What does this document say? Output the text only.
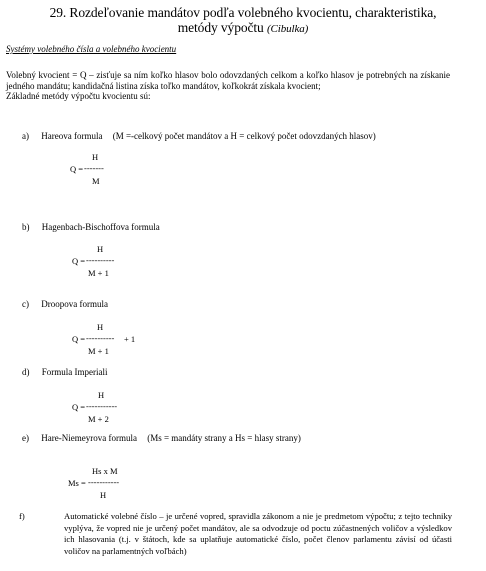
29. Rozdeľovanie mandátov podľa volebného kvocientu, charakteristika,
metódy výpočtu (Cibulka)
Systémy volebného čísla a volebného kvocientu

Volebný kvocient = Q – zisťuje sa ním koľko hlasov bolo odovzdaných celkom a koľko hlasov je potrebných na získanie jedného mandátu; kandidačná listina získa toľko mandátov, koľkokrát získala kvocient;

Základné metódy výpočtu kvocientu sú:

a) Hareova formula (M =-celkový počet mandátov a H = celkový počet odovzdaných hlasov)
H
Q = -------
M
b) Hagenbach-Bischoffova formula
H
Q = ----------
M + 1
c) Droopova formula
H
Q = ---------- + 1
M + 1
d) Formula Imperiali
H
Q = -----------
M + 2
e) Hare-Niemeyrova formula (Ms = mandáty strany a Hs = hlasy strany)
Hs x M
Ms = -----------
H
f)	Automatické volebné číslo – je určené vopred, spravidla zákonom a nie je predmetom výpočtu; z tejto techniky vyplýva, že vopred nie je určený počet mandátov, ale sa odvodzuje od poctu zúčastnených voličov a výsledkov ich hlasovania (t.j. v štátoch, kde sa uplatňuje automatické číslo, počet členov parlamentu závisí od účasti voličov na parlamentných voľbách)
